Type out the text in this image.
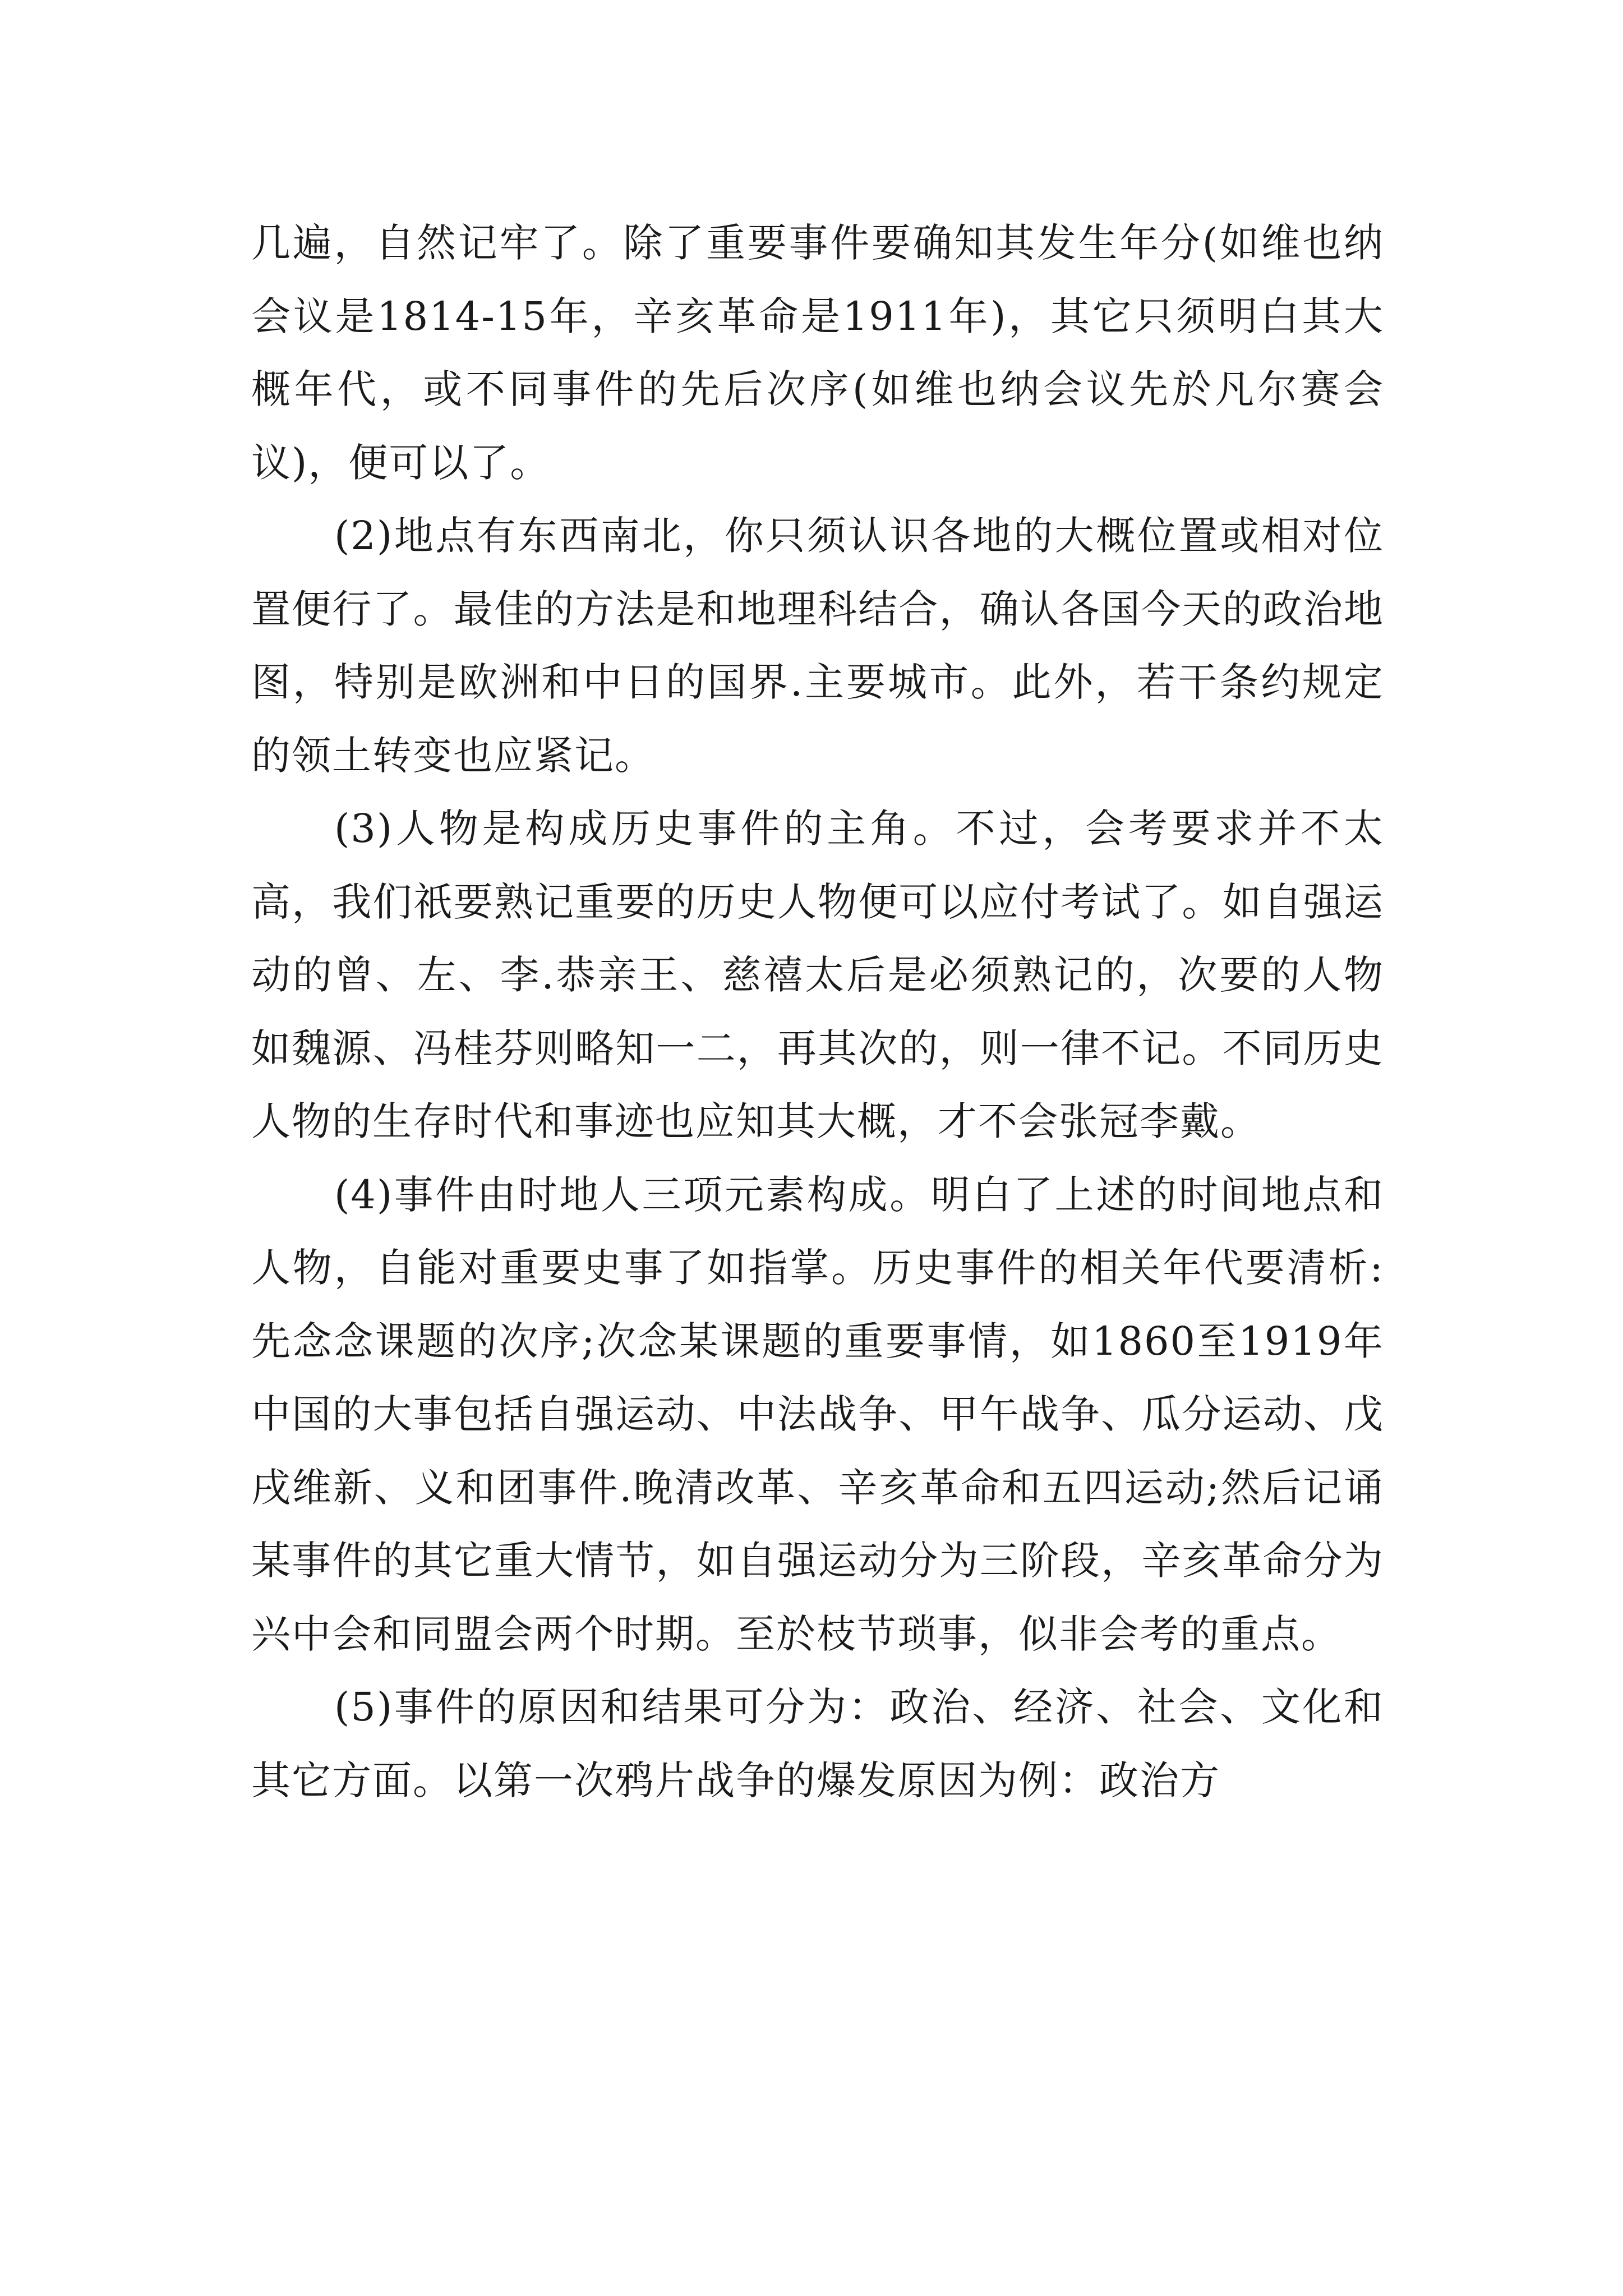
几遍，自然记牢了。除了重要事件要确知其发生年分(如维也纳会议是1814-15年，辛亥革命是1911年)，其它只须明白其大概年代，或不同事件的先后次序(如维也纳会议先於凡尔赛会议)，便可以了。

(2)地点有东西南北，你只须认识各地的大概位置或相对位置便行了。最佳的方法是和地理科结合，确认各国今天的政治地图，特别是欧洲和中日的国界.主要城市。此外，若干条约规定的领土转变也应紧记。

(3)人物是构成历史事件的主角。不过，会考要求并不太高，我们祇要熟记重要的历史人物便可以应付考试了。如自强运动的曾、左、李.恭亲王、慈禧太后是必须熟记的，次要的人物如魏源、冯桂芬则略知一二，再其次的，则一律不记。不同历史人物的生存时代和事迹也应知其大概，才不会张冠李戴。

(4)事件由时地人三项元素构成。明白了上述的时间地点和人物，自能对重要史事了如指掌。历史事件的相关年代要清析:先念念课题的次序;次念某课题的重要事情，如1860至1919年中国的大事包括自强运动、中法战争、甲午战争、瓜分运动、戊戌维新、义和团事件.晚清改革、辛亥革命和五四运动;然后记诵某事件的其它重大情节，如自强运动分为三阶段，辛亥革命分为兴中会和同盟会两个时期。至於枝节琐事，似非会考的重点。

(5)事件的原因和结果可分为：政治、经济、社会、文化和其它方面。以第一次鸦片战争的爆发原因为例：政治方
